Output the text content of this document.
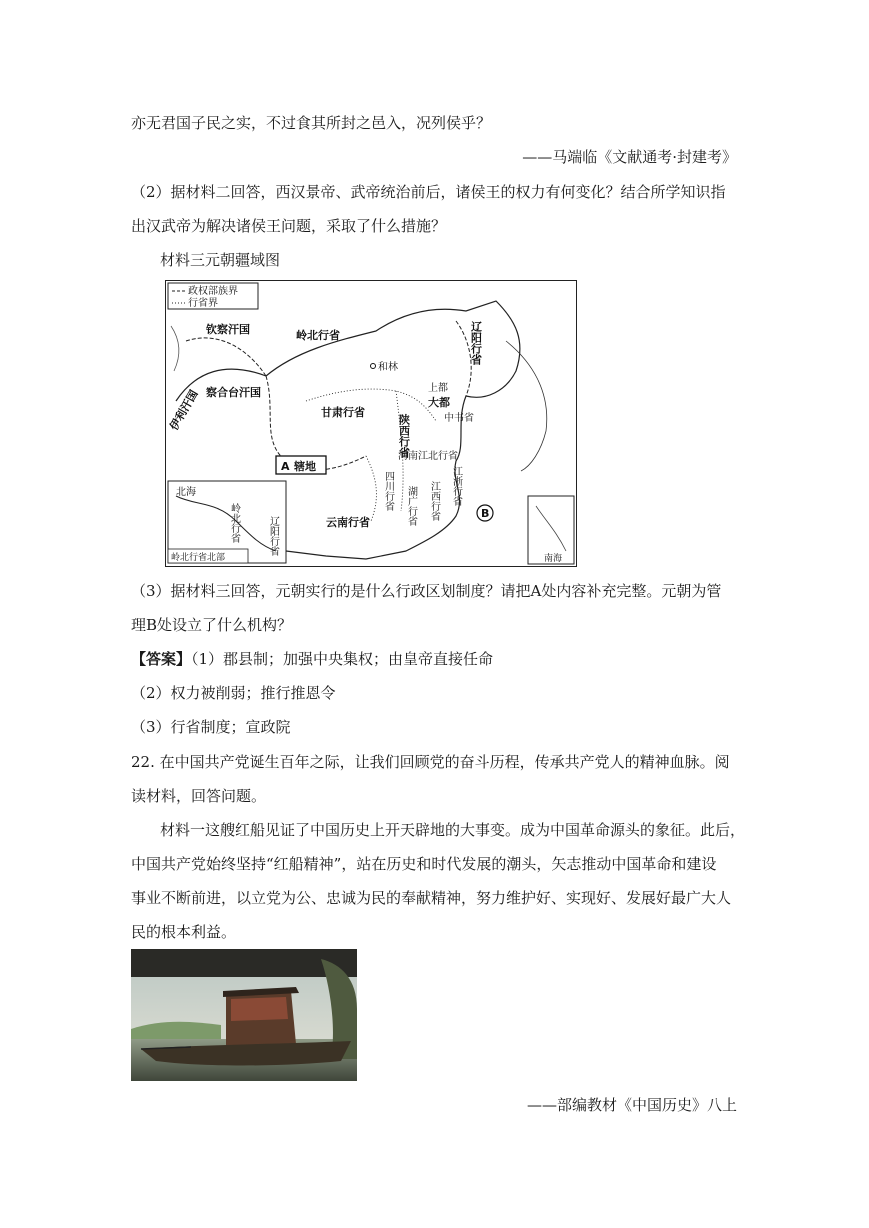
亦无君国子民之实，不过食其所封之邑入，况列侯乎？
——马端临《文献通考·封建考》
（2）据材料二回答，西汉景帝、武帝统治前后，诸侯王的权力有何变化？结合所学知识指
出汉武帝为解决诸侯王问题，采取了什么措施？
材料三元朝疆域图
政权部族界
行省界
钦察汗国
察合台汗国
伊利汗国
岭北行省
和林
辽阳行省
甘肃行省
陕西行省
大都
上都
中书省
河南江北行省
四川行省
云南行省	湖广行省 江西行省 江浙行省
A 辖地
B
北海
岭北行省	辽阳行省
岭北行省北部	南海
（3）据材料三回答，元朝实行的是什么行政区划制度？请把A处内容补充完整。元朝为管
理B处设立了什么机构？
【答案】（1）郡县制；加强中央集权；由皇帝直接任命
（2）权力被削弱；推行推恩令
（3）行省制度；宣政院
22. 在中国共产党诞生百年之际，让我们回顾党的奋斗历程，传承共产党人的精神血脉。阅
读材料，回答问题。
材料一这艘红船见证了中国历史上开天辟地的大事变。成为中国革命源头的象征。此后，
中国共产党始终坚持“红船精神”，站在历史和时代发展的潮头，矢志推动中国革命和建设
事业不断前进，以立党为公、忠诚为民的奉献精神，努力维护好、实现好、发展好最广大人
民的根本利益。
——部编教材《中国历史》八上
